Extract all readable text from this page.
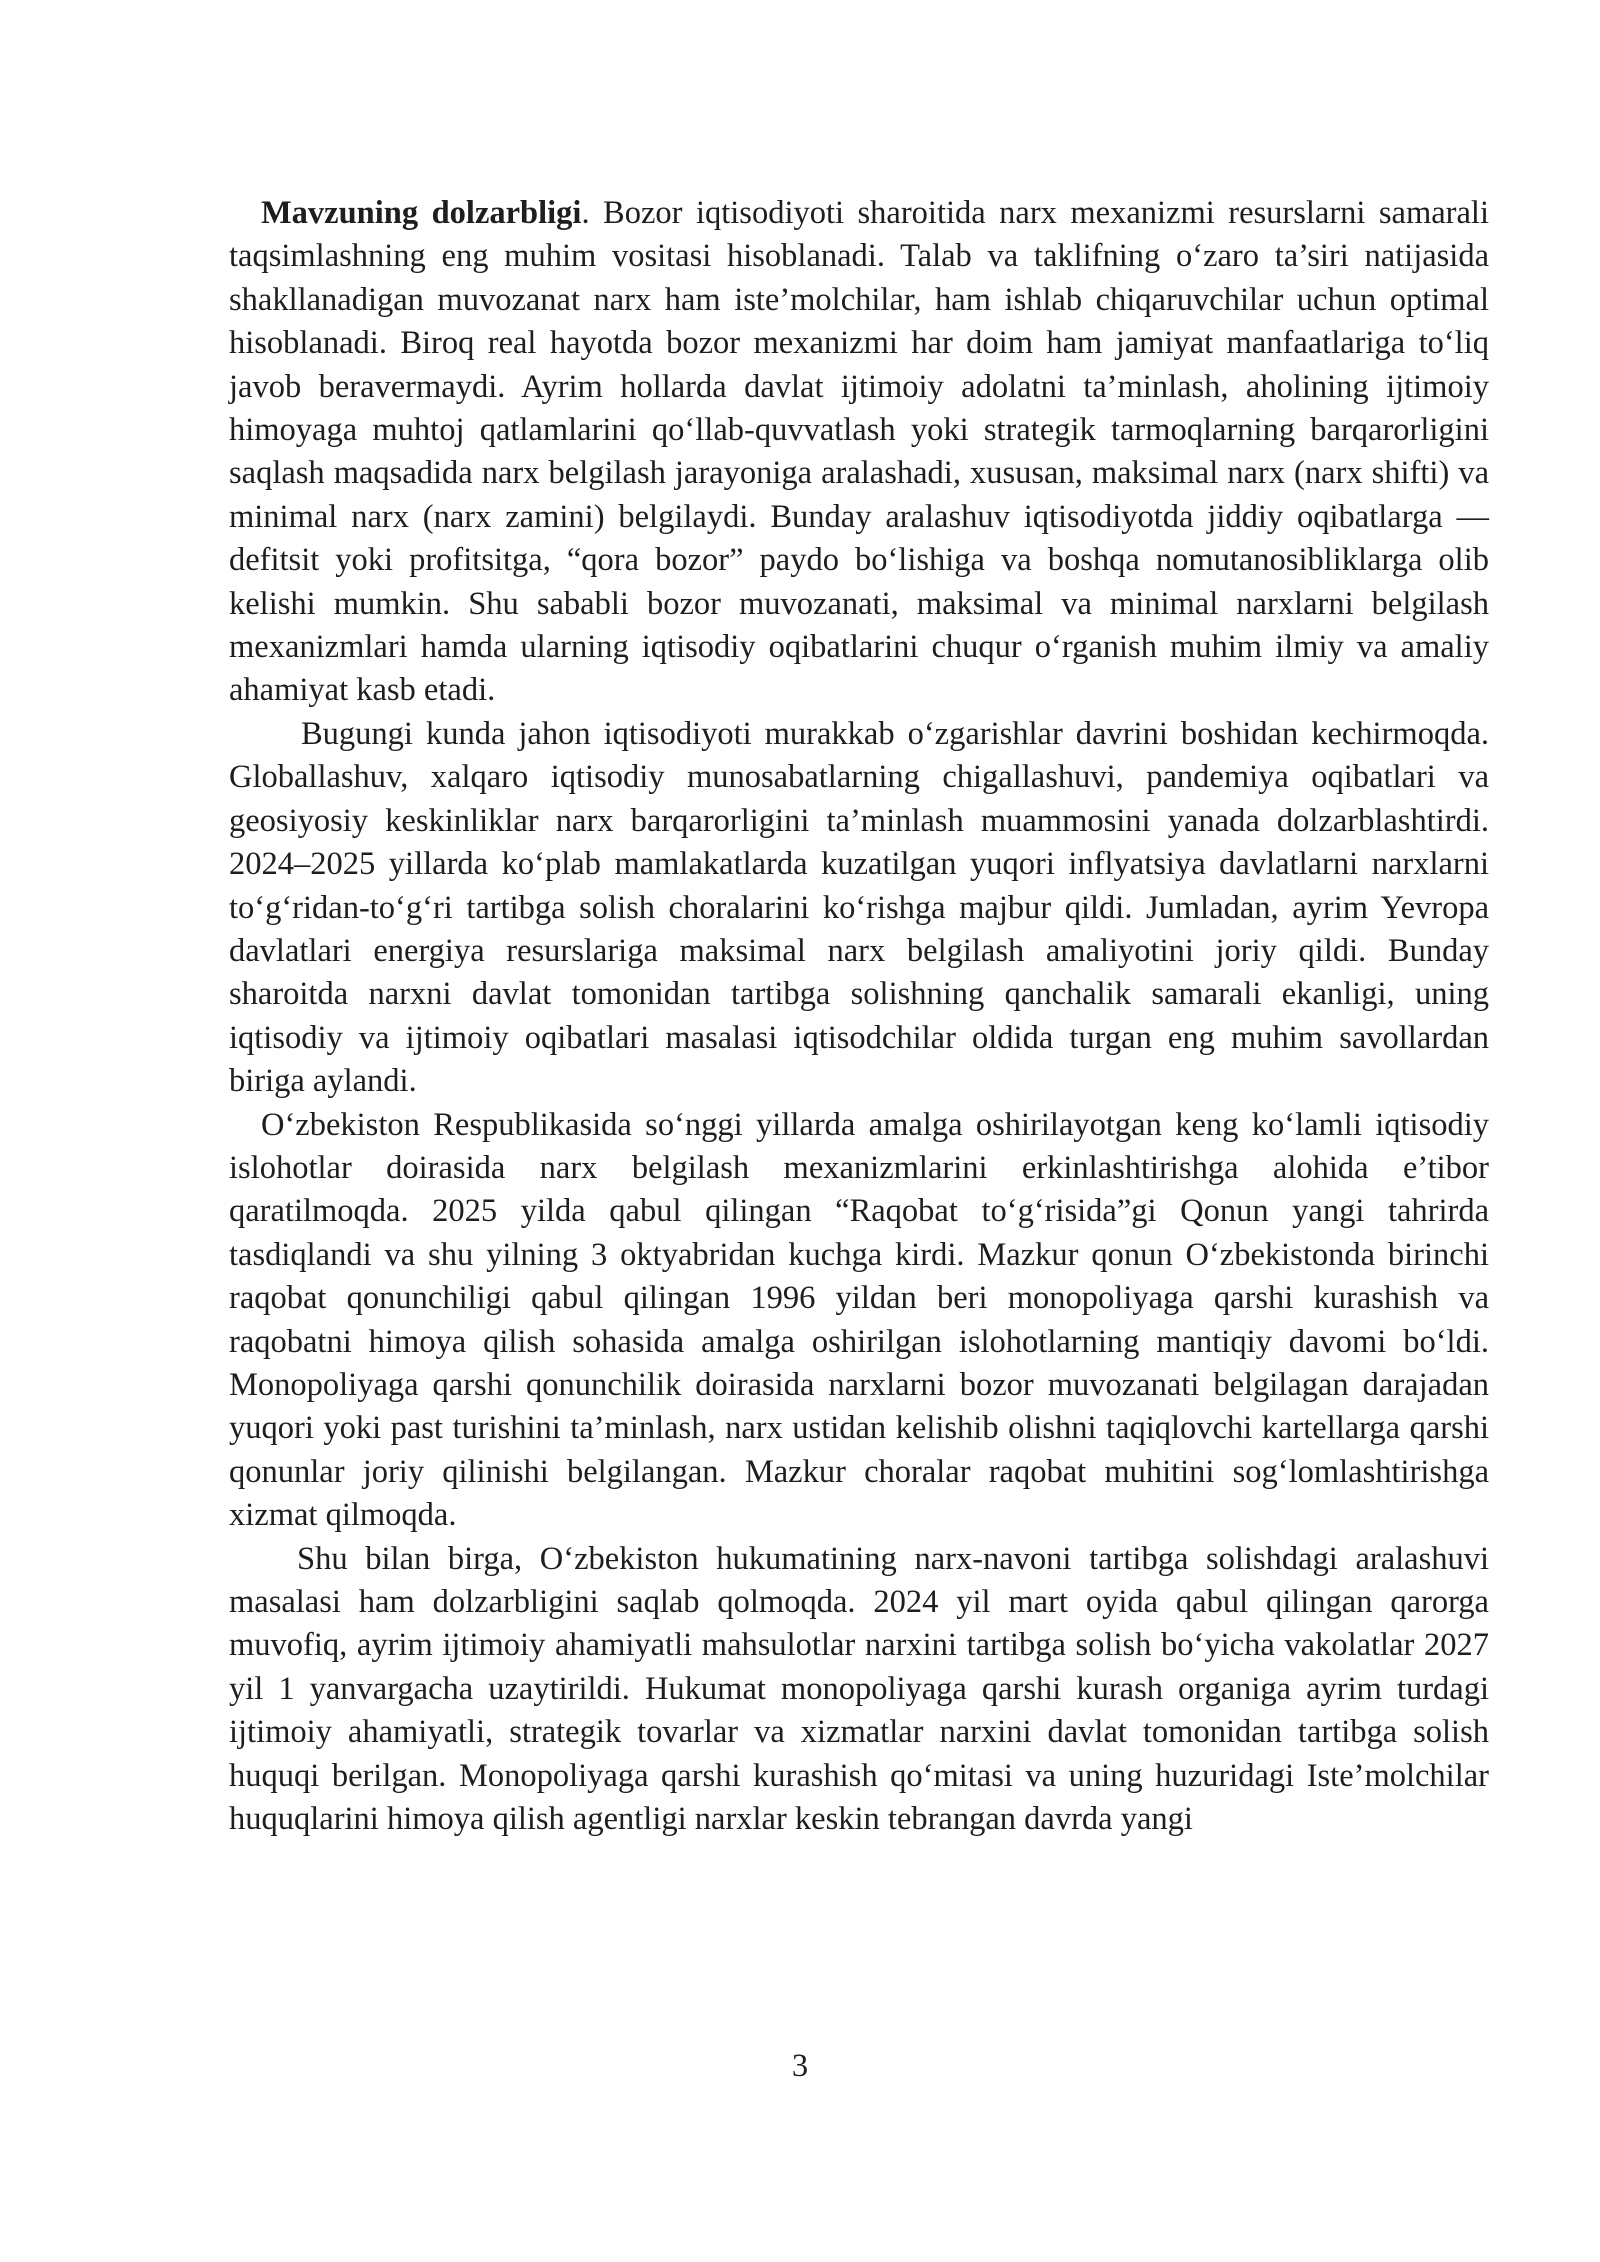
Mavzuning dolzarbligi. Bozor iqtisodiyoti sharoitida narx mexanizmi resurslarni samarali taqsimlashning eng muhim vositasi hisoblanadi. Talab va taklifning o‘zaro ta’siri natijasida shakllanadigan muvozanat narx ham iste’molchilar, ham ishlab chiqaruvchilar uchun optimal hisoblanadi. Biroq real hayotda bozor mexanizmi har doim ham jamiyat manfaatlariga to‘liq javob beravermaydi. Ayrim hollarda davlat ijtimoiy adolatni ta’minlash, aholining ijtimoiy himoyaga muhtoj qatlamlarini qo‘llab-quvvatlash yoki strategik tarmoqlarning barqarorligini saqlash maqsadida narx belgilash jarayoniga aralashadi, xususan, maksimal narx (narx shifti) va minimal narx (narx zamini) belgilaydi. Bunday aralashuv iqtisodiyotda jiddiy oqibatlarga — defitsit yoki profitsitga, “qora bozor” paydo bo‘lishiga va boshqa nomutanosibliklarga olib kelishi mumkin. Shu sababli bozor muvozanati, maksimal va minimal narxlarni belgilash mexanizmlari hamda ularning iqtisodiy oqibatlarini chuqur o‘rganish muhim ilmiy va amaliy ahamiyat kasb etadi.

Bugungi kunda jahon iqtisodiyoti murakkab o‘zgarishlar davrini boshidan kechirmoqda. Globallashuv, xalqaro iqtisodiy munosabatlarning chigallashuvi, pandemiya oqibatlari va geosiyosiy keskinliklar narx barqarorligini ta’minlash muammosini yanada dolzarblashtirdi. 2024–2025 yillarda ko‘plab mamlakatlarda kuzatilgan yuqori inflyatsiya davlatlarni narxlarni to‘g‘ridan-to‘g‘ri tartibga solish choralarini ko‘rishga majbur qildi. Jumladan, ayrim Yevropa davlatlari energiya resurslariga maksimal narx belgilash amaliyotini joriy qildi. Bunday sharoitda narxni davlat tomonidan tartibga solishning qanchalik samarali ekanligi, uning iqtisodiy va ijtimoiy oqibatlari masalasi iqtisodchilar oldida turgan eng muhim savollardan biriga aylandi.

O‘zbekiston Respublikasida so‘nggi yillarda amalga oshirilayotgan keng ko‘lamli iqtisodiy islohotlar doirasida narx belgilash mexanizmlarini erkinlashtirishga alohida e’tibor qaratilmoqda. 2025 yilda qabul qilingan “Raqobat to‘g‘risida”gi Qonun yangi tahrirda tasdiqlandi va shu yilning 3 oktyabridan kuchga kirdi. Mazkur qonun O‘zbekistonda birinchi raqobat qonunchiligi qabul qilingan 1996 yildan beri monopoliyaga qarshi kurashish va raqobatni himoya qilish sohasida amalga oshirilgan islohotlarning mantiqiy davomi bo‘ldi. Monopoliyaga qarshi qonunchilik doirasida narxlarni bozor muvozanati belgilagan darajadan yuqori yoki past turishini ta’minlash, narx ustidan kelishib olishni taqiqlovchi kartellarga qarshi qonunlar joriy qilinishi belgilangan. Mazkur choralar raqobat muhitini sog‘lomlashtirishga xizmat qilmoqda.

Shu bilan birga, O‘zbekiston hukumatining narx-navoni tartibga solishdagi aralashuvi masalasi ham dolzarbligini saqlab qolmoqda. 2024 yil mart oyida qabul qilingan qarorga muvofiq, ayrim ijtimoiy ahamiyatli mahsulotlar narxini tartibga solish bo‘yicha vakolatlar 2027 yil 1 yanvargacha uzaytirildi. Hukumat monopoliyaga qarshi kurash organiga ayrim turdagi ijtimoiy ahamiyatli, strategik tovarlar va xizmatlar narxini davlat tomonidan tartibga solish huquqi berilgan. Monopoliyaga qarshi kurashish qo‘mitasi va uning huzuridagi Iste’molchilar huquqlarini himoya qilish agentligi narxlar keskin tebrangan davrda yangi

3
